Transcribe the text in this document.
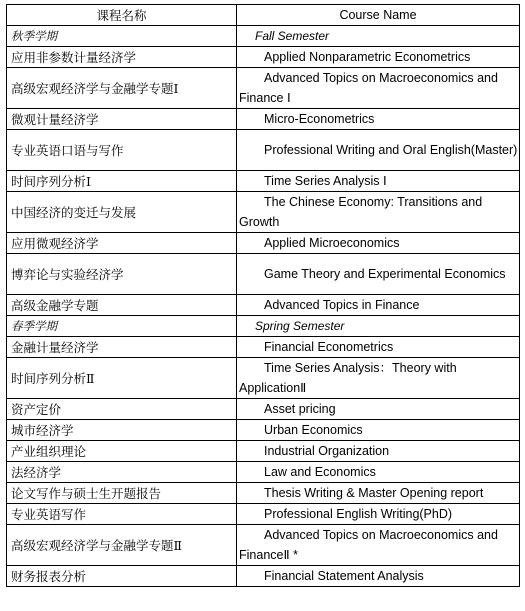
课程名称	Course Name
秋季学期	Fall Semester
应用非参数计量经济学	Applied Nonparametric Econometrics
高级宏观经济学与金融学专题Ⅰ	Advanced Topics on Macroeconomics and Finance Ⅰ
微观计量经济学	Micro-Econometrics
专业英语口语与写作	Professional Writing and Oral English(Master)
时间序列分析Ⅰ	Time Series Analysis Ⅰ
中国经济的变迁与发展	The Chinese Economy: Transitions and Growth
应用微观经济学	Applied Microeconomics
博弈论与实验经济学	Game Theory and Experimental Economics
高级金融学专题	Advanced Topics in Finance
春季学期	Spring Semester
金融计量经济学	Financial Econometrics
时间序列分析Ⅱ	Time Series Analysis：Theory with ApplicationⅡ
资产定价	Asset pricing
城市经济学	Urban Economics
产业组织理论	Industrial Organization
法经济学	Law and Economics
论文写作与硕士生开题报告	Thesis Writing & Master Opening report
专业英语写作	Professional English Writing(PhD)
高级宏观经济学与金融学专题Ⅱ	Advanced Topics on Macroeconomics and FinanceⅡ *
财务报表分析	Financial Statement Analysis
